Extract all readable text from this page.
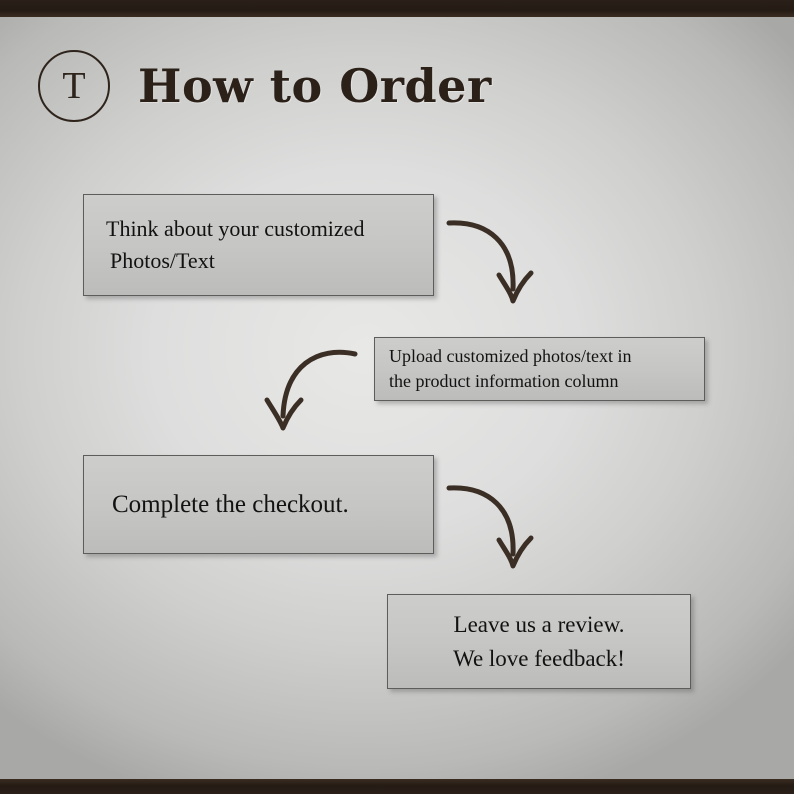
T How to Order
Think about your customized
Photos/Text
Upload customized photos/text in
the product information column
Complete the checkout.
Leave us a review.
We love feedback!
